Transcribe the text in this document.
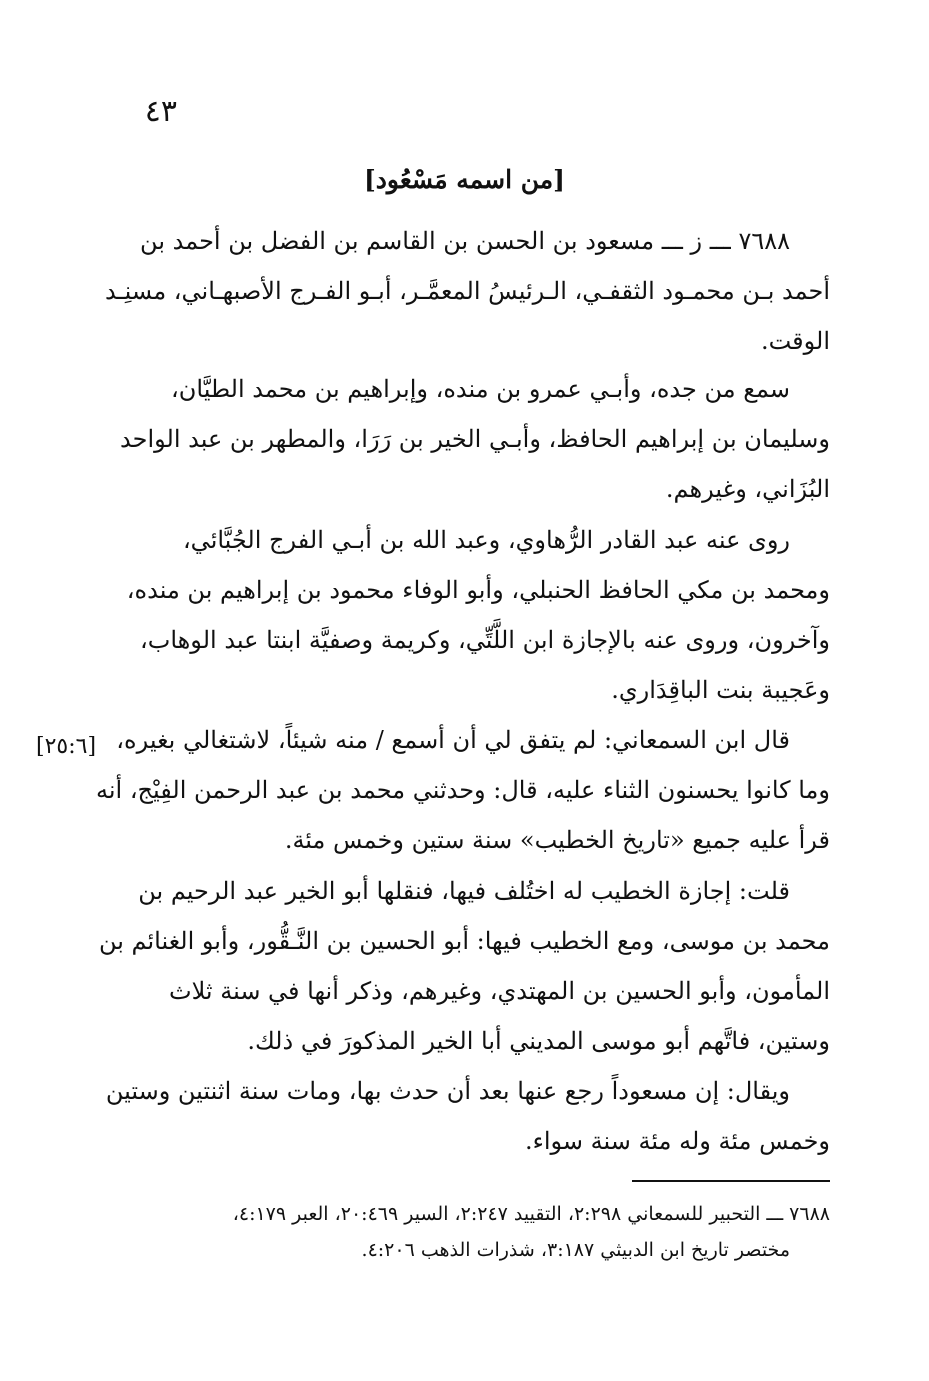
٤٣
[من اسمه مَسْعُود]
٧٦٨٨ ـــ ز ـــ مسعود بن الحسن بن القاسم بن الفضل بن أحمد بن
أحمد بـن محمـود الثقفـي، الـرئيسُ المعمَّـر، أبـو الفـرج الأصبهـاني، مسنِـد
الوقت.
سمع من جده، وأبـي عمرو بن منده، وإبراهيم بن محمد الطيَّان،
وسليمان بن إبراهيم الحافظ، وأبـي الخير بن رَرَا، والمطهر بن عبد الواحد
البُزَاني، وغيرهم.
روى عنه عبد القادر الرُّهاوي، وعبد الله بن أبـي الفرج الجُبَّائي،
ومحمد بن مكي الحافظ الحنبلي، وأبو الوفاء محمود بن إبراهيم بن منده،
وآخرون، وروى عنه بالإجازة ابن اللَّتِّي، وكريمة وصفيَّة ابنتا عبد الوهاب،
وعَجيبة بنت الباقِدَاري.
قال ابن السمعاني: لم يتفق لي أن أسمع / منه شيئاً، لاشتغالي بغيره،
وما كانوا يحسنون الثناء عليه، قال: وحدثني محمد بن عبد الرحمن الفِيْج، أنه
قرأ عليه جميع «تاريخ الخطيب» سنة ستين وخمس مئة.
[٢٥:٦]
قلت: إجازة الخطيب له اختُلف فيها، فنقلها أبو الخير عبد الرحيم بن
محمد بن موسى، ومع الخطيب فيها: أبو الحسين بن النَّـقُّور، وأبو الغنائم بن
المأمون، وأبو الحسين بن المهتدي، وغيرهم، وذكر أنها في سنة ثلاث
وستين، فاتَّهم أبو موسى المديني أبا الخير المذكورَ في ذلك.
ويقال: إن مسعوداً رجع عنها بعد أن حدث بها، ومات سنة اثنتين وستين
وخمس مئة وله مئة سنة سواء.
٧٦٨٨ ـــ التحبير للسمعاني ٢:٢٩٨، التقييد ٢:٢٤٧، السير ٢٠:٤٦٩، العبر ٤:١٧٩،
مختصر تاريخ ابن الدبيثي ٣:١٨٧، شذرات الذهب ٤:٢٠٦.
